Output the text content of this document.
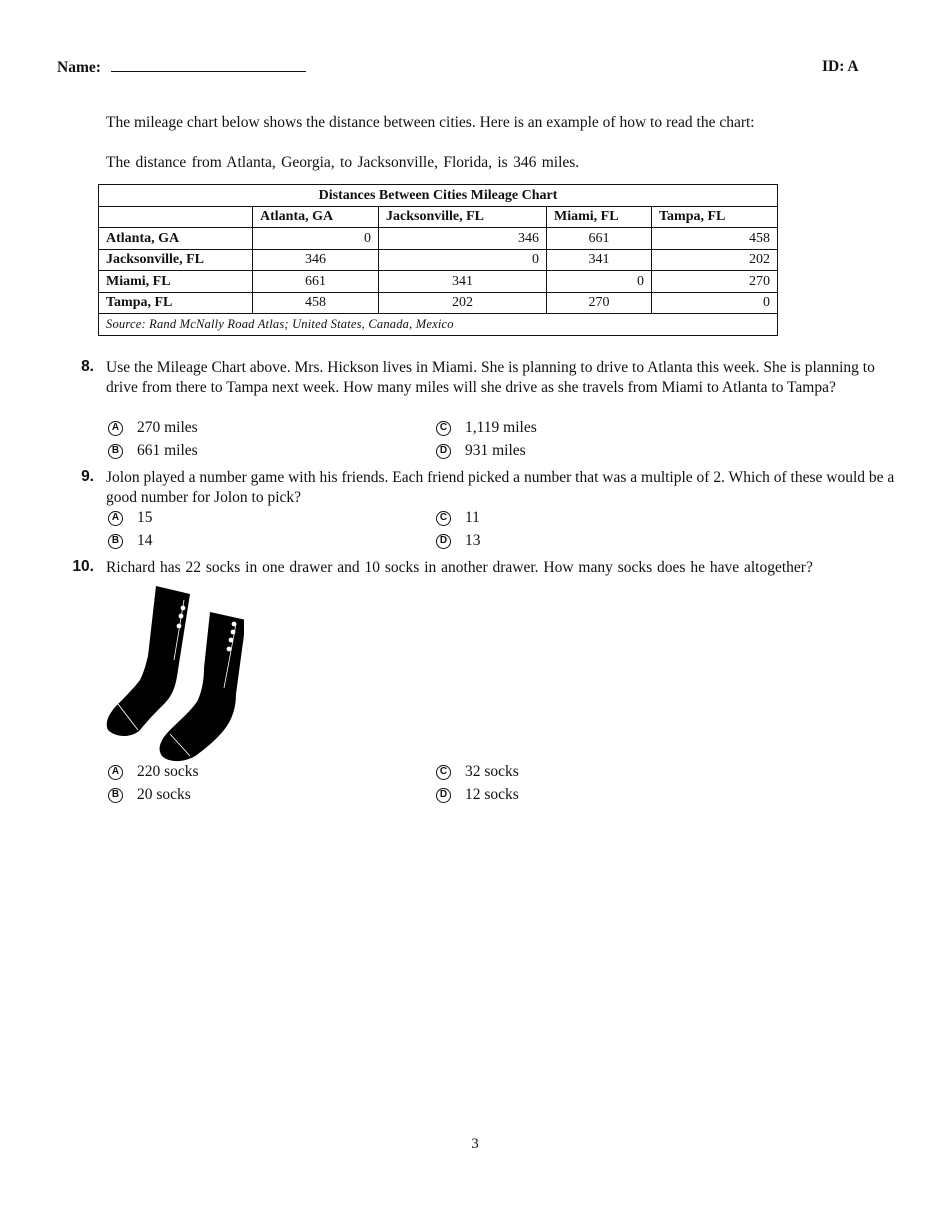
Name:	ID: A
The mileage chart below shows the distance between cities. Here is an example of how to read the chart:
The distance from Atlanta, Georgia, to Jacksonville, Florida, is 346 miles.
Distances Between Cities Mileage Chart				
	Atlanta, GA	Jacksonville, FL	Miami, FL	Tampa, FL
Atlanta, GA	0	346	661	458
Jacksonville, FL	346	0	341	202
Miami, FL	661	341	0	270
Tampa, FL	458	202	270	0
Source: Rand McNally Road Atlas; United States, Canada, Mexico				
8. Use the Mileage Chart above. Mrs. Hickson lives in Miami. She is planning to drive to Atlanta this week. She is planning to drive from there to Tampa next week. How many miles will she drive as she travels from Miami to Atlanta to Tampa?
A 270 miles
B 661 miles
C 1,119 miles
D 931 miles
9. Jolon played a number game with his friends. Each friend picked a number that was a multiple of 2. Which of these would be a good number for Jolon to pick?
A 15
B 14
C 11
D 13
10. Richard has 22 socks in one drawer and 10 socks in another drawer. How many socks does he have altogether?
A 220 socks
B 20 socks
C 32 socks
D 12 socks
3
